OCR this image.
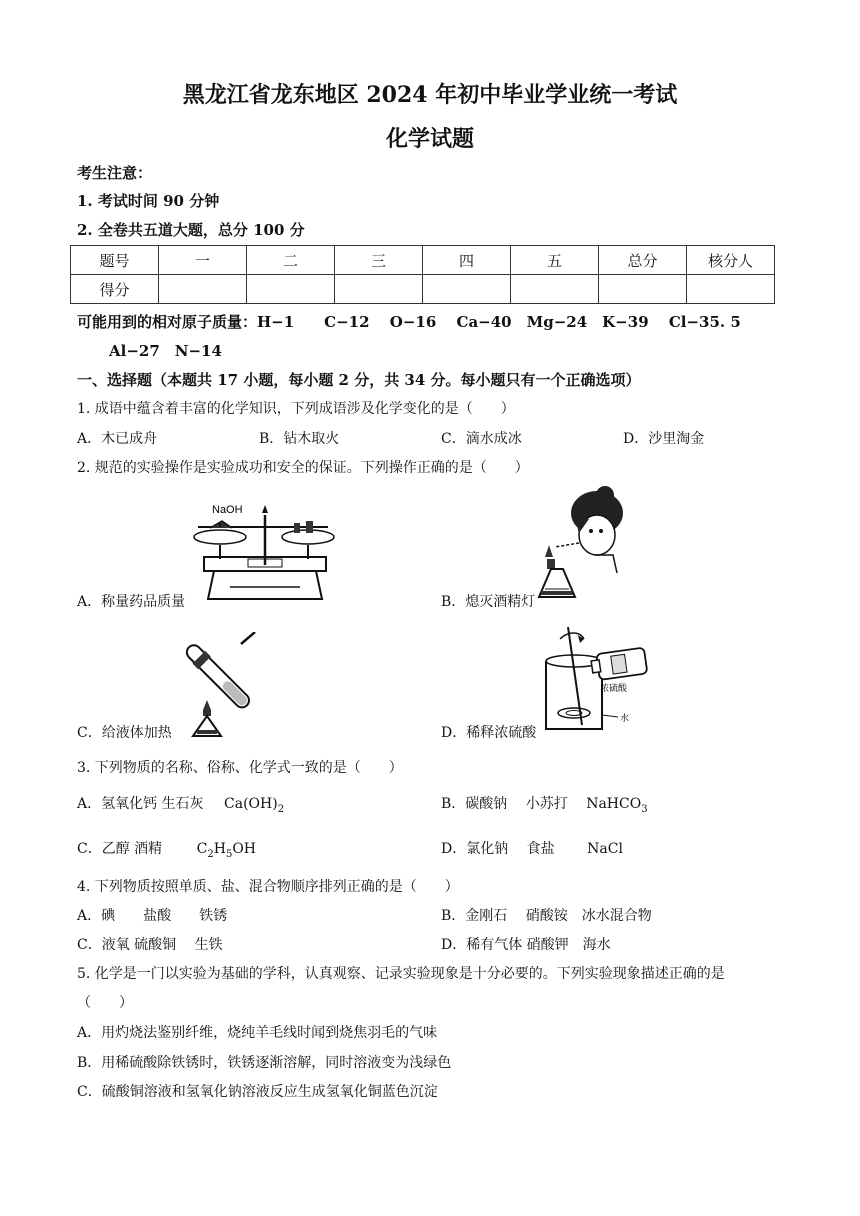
黑龙江省龙东地区 2024 年初中毕业学业统一考试
化学试题
考生注意：
1. 考试时间 90 分钟
2. 全卷共五道大题，总分 100 分
题号	一	二	三	四	五	总分	核分人
得分							
可能用到的相对原子质量：H−1　　C−12　 O−16　 Ca−40　Mg−24　K−39　 Cl−35. 5
Al−27　N−14
一、选择题（本题共 17 小题，每小题 2 分，共 34 分。每小题只有一个正确选项）
1. 成语中蕴含着丰富的化学知识，下列成语涉及化学变化的是（　　）
A．木已成舟	B．钻木取火	C．滴水成冰	D．沙里淘金
2. 规范的实验操作是实验成功和安全的保证。下列操作正确的是（　　）
NaOH
A．称量药品质量	B．熄灭酒精灯
C．给液体加热
水
浓硫酸
D．稀释浓硫酸
3. 下列物质的名称、俗称、化学式一致的是（　　）
A．氢氧化钙 生石灰 $Ca(OH)_2$	B．碳酸钠　 小苏打 NaHCO$_3$
C．乙醇 酒精 $C_2H_5OH$	D．氯化钠　 食盐 NaCl
4. 下列物质按照单质、盐、混合物顺序排列正确的是（　　）
A．碘　　盐酸　　铁锈	B．金刚石　 硝酸铵　冰水混合物
C．液氧 硫酸铜　 生铁	D．稀有气体 硝酸钾　海水
5. 化学是一门以实验为基础的学科，认真观察、记录实验现象是十分必要的。下列实验现象描述正确的是
（　　）
A．用灼烧法鉴别纤维，烧纯羊毛线时闻到烧焦羽毛的气味
B．用稀硫酸除铁锈时，铁锈逐渐溶解，同时溶液变为浅绿色
C．硫酸铜溶液和氢氧化钠溶液反应生成氢氧化铜蓝色沉淀
